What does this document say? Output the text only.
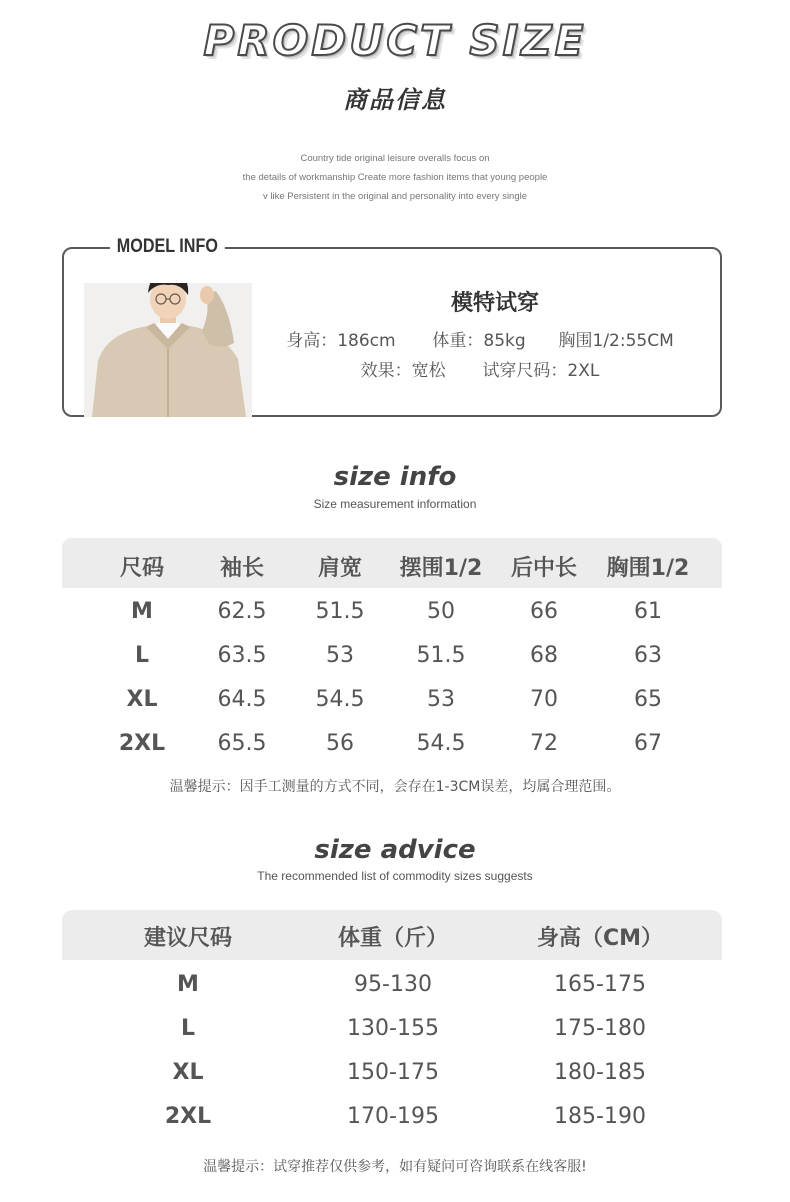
PRODUCT SIZE
商品信息
Country tide original leisure overalls focus on
the details of workmanship Create more fashion items that young people
v like Persistent in the original and personality into every single
MODEL INFO
模特试穿
身高：186cm 体重：85kg 胸围1/2:55CM
效果：宽松 试穿尺码：2XL
size info
Size measurement information
尺码	袖长	肩宽	摆围1/2	后中长	胸围1/2
M	62.5	51.5	50	66	61
L	63.5	53	51.5	68	63
XL	64.5	54.5	53	70	65
2XL	65.5	56	54.5	72	67
温馨提示：因手工测量的方式不同，会存在1-3CM误差，均属合理范围。
size advice
The recommended list of commodity sizes suggests
建议尺码	体重（斤）	身高（CM）
M	95-130	165-175
L	130-155	175-180
XL	150-175	180-185
2XL	170-195	185-190
温馨提示：试穿推荐仅供参考，如有疑问可咨询联系在线客服!
